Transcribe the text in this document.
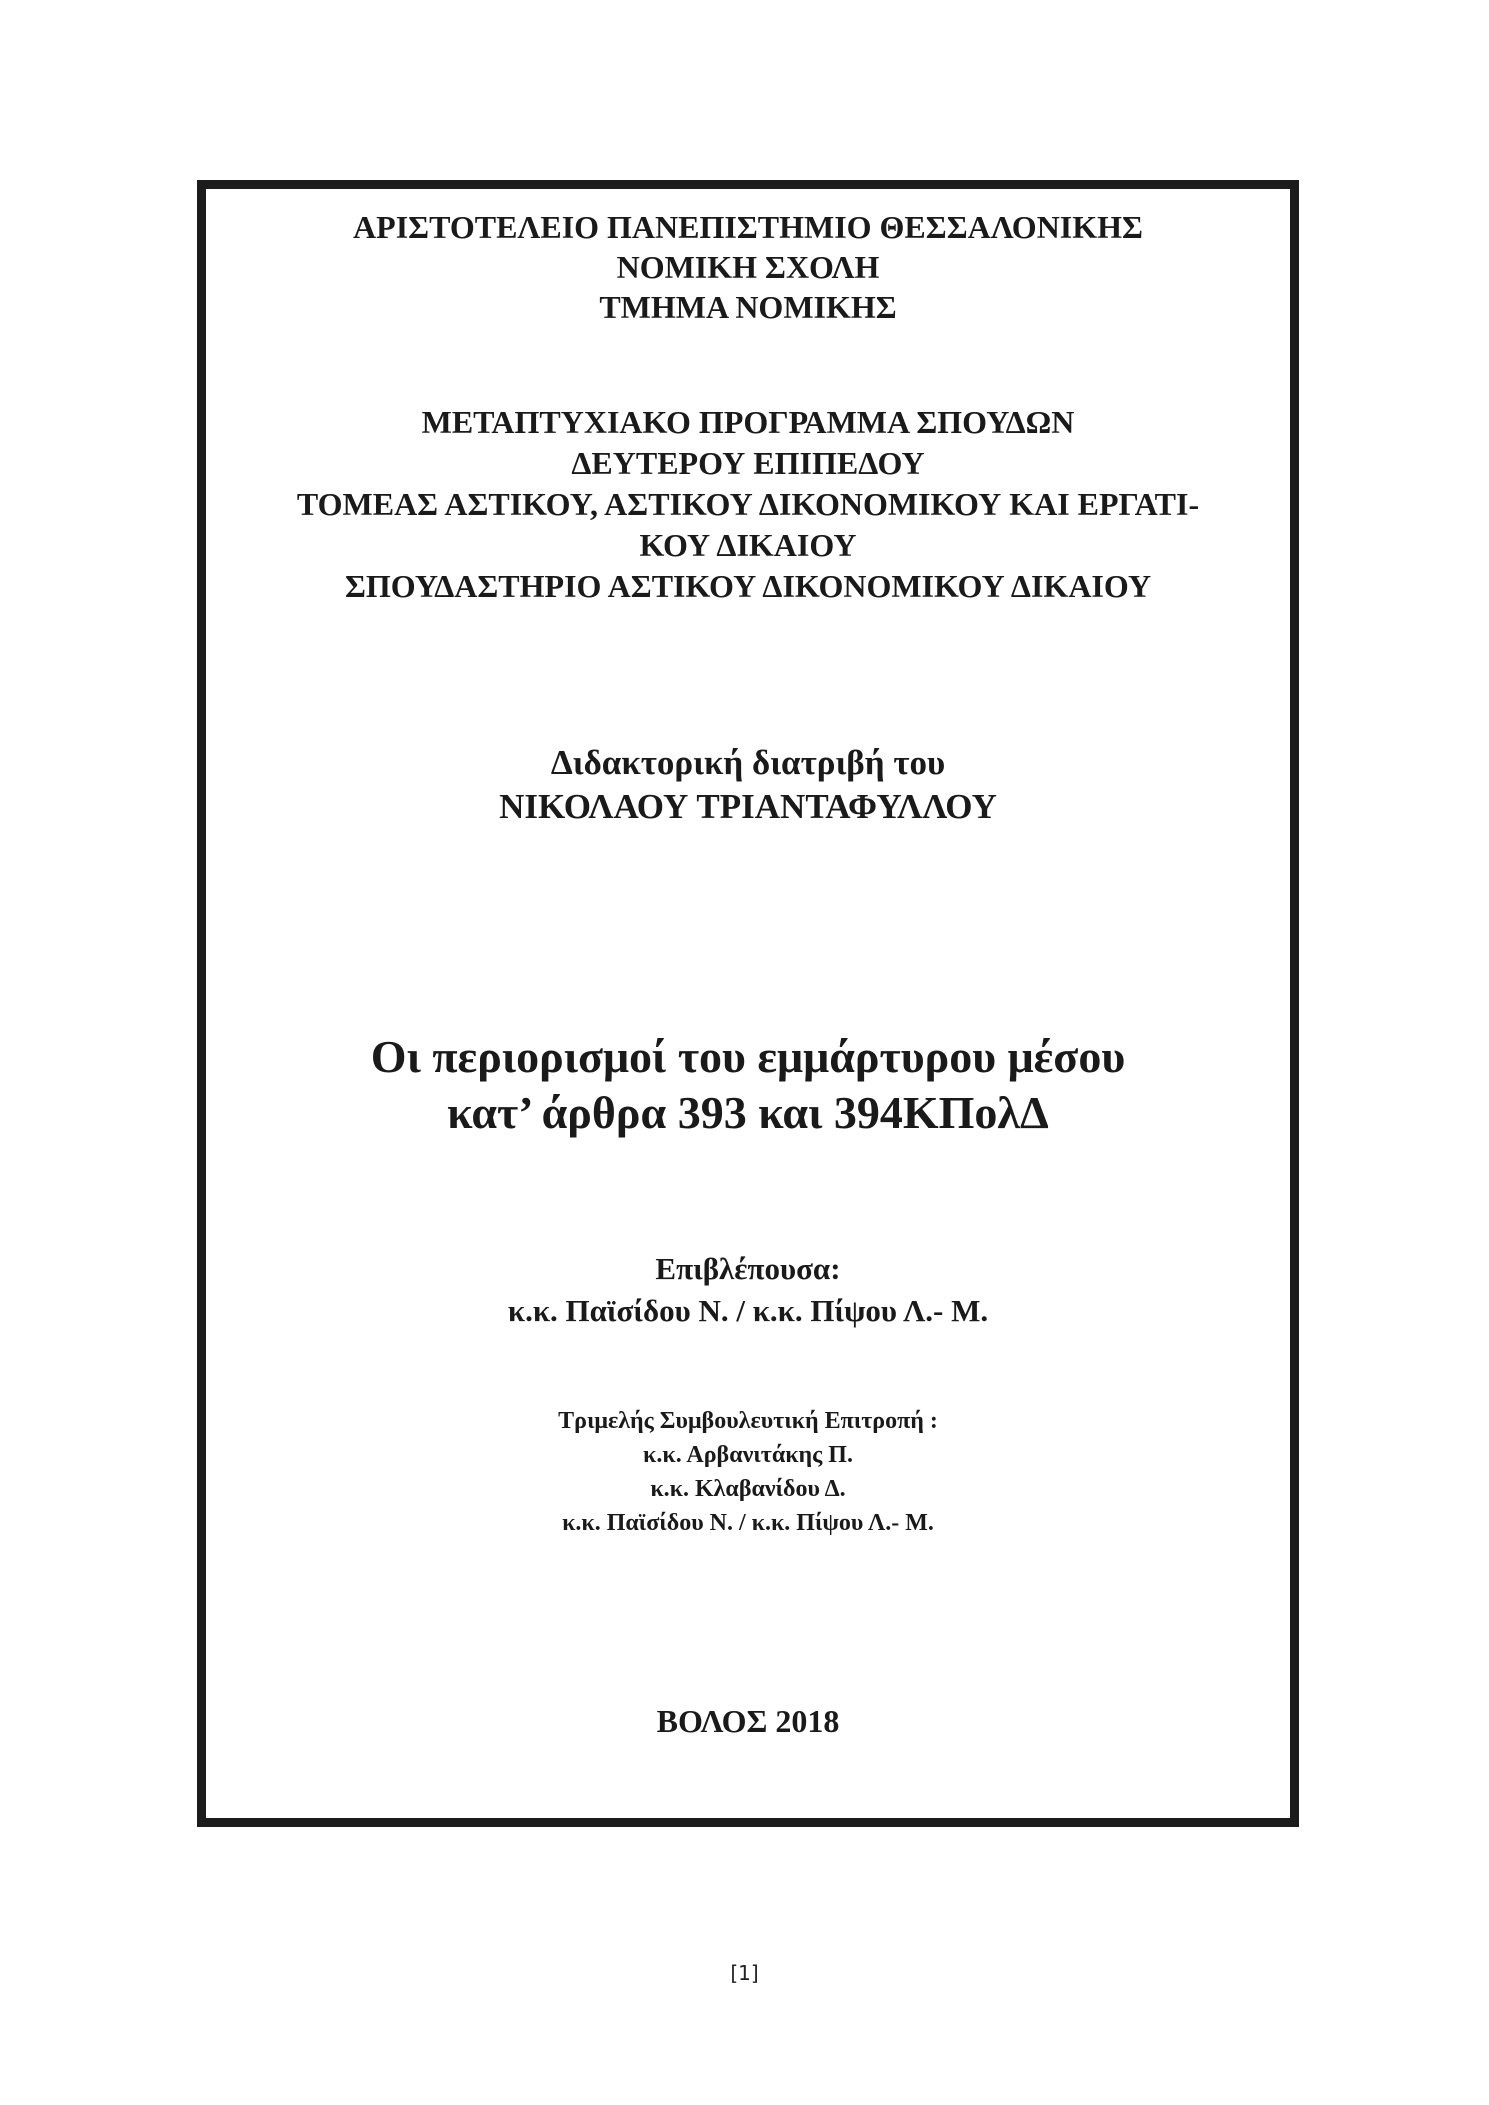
ΑΡΙΣΤΟΤΕΛΕΙΟ ΠΑΝΕΠΙΣΤΗΜΙΟ ΘΕΣΣΑΛΟΝΙΚΗΣ
ΝΟΜΙΚΗ ΣΧΟΛΗ
ΤΜΗΜΑ ΝΟΜΙΚΗΣ
ΜΕΤΑΠΤΥΧΙΑΚΟ ΠΡΟΓΡΑΜΜΑ ΣΠΟΥΔΩΝ
ΔΕΥΤΕΡΟΥ ΕΠΙΠΕΔΟΥ
ΤΟΜΕΑΣ ΑΣΤΙΚΟΥ, ΑΣΤΙΚΟΥ ΔΙΚΟΝΟΜΙΚΟΥ ΚΑΙ ΕΡΓΑΤΙ-
ΚΟΥ ΔΙΚΑΙΟΥ
ΣΠΟΥΔΑΣΤΗΡΙΟ ΑΣΤΙΚΟΥ ΔΙΚΟΝΟΜΙΚΟΥ ΔΙΚΑΙΟΥ
Διδακτορική διατριβή του
ΝΙΚΟΛΑΟΥ ΤΡΙΑΝΤΑΦΥΛΛΟΥ
Οι περιορισμοί του εμμάρτυρου μέσου
κατ’ άρθρα 393 και 394ΚΠολΔ
Επιβλέπουσα:
κ.κ. Παϊσίδου Ν. / κ.κ. Πίψου Λ.- Μ.
Τριμελής Συμβουλευτική Επιτροπή :
κ.κ. Αρβανιτάκης Π.
κ.κ. Κλαβανίδου Δ.
κ.κ. Παϊσίδου Ν. / κ.κ. Πίψου Λ.- Μ.
ΒΟΛΟΣ 2018
[1]
